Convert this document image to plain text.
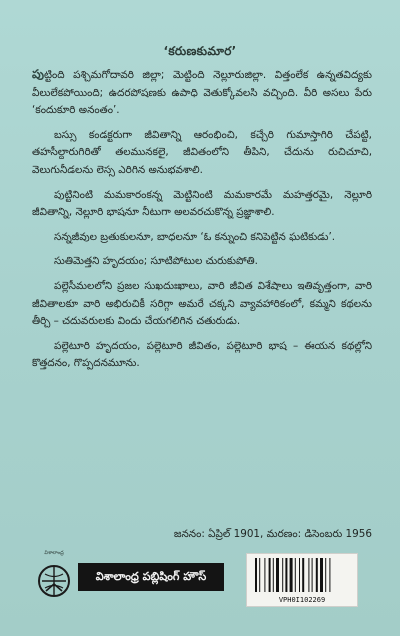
‘కరుణకుమార’

పుట్టింది పశ్చిమగోదావరి జిల్లా; మెట్టింది నెల్లూరుజిల్లా. విత్తంలేక ఉన్నతవిద్యకు వీలులేకపోయింది; ఉదరపోషణకు ఉపాధి వెతుక్కోవలసి వచ్చింది. వీరి అసలు పేరు ‘కందుకూరి అనంతం’.

బస్సు కండక్టరుగా జీవితాన్ని ఆరంభించి, కచ్చేరి గుమాస్తాగిరి చేపట్టి, తహసీల్దారుగిరితో తలమునకలై, జీవితంలోని తీపిని, చేదును రుచిచూచి, వెలుగునీడలను లెస్స ఎరిగిన అనుభవశాలి.

పుట్టినింటి మమకారంకన్న మెట్టినింటి మమకారమే మహత్తరమై, నెల్లూరి జీవితాన్ని, నెల్లూరి భాషనూ నీటుగా అలవరచుకొన్న ప్రజ్ఞాశాలి.

సన్నజీవుల బ్రతుకులనూ, బాధలనూ ‘ఓ కన్నుంచి కనిపెట్టిన ఘటికుడు’.

సుతిమెత్తని హృదయం; సూటిపోటుల చురుకుపోతి.

పల్లెసీమలలోని ప్రజల సుఖదుఃఖాలు, వారి జీవిత విశేషాలు ఇతివృత్తంగా, వారి జీవితాలకూ వారి అభిరుచికీ సరిగ్గా అమరే చక్కని వ్యావహారికంలో, కమ్మని కథలను తీర్చి – చదువరులకు విందు చేయగలిగిన చతురుడు.

పల్లెటూరి హృదయం, పల్లెటూరి జీవితం, పల్లెటూరి భాష – ఈయన కథల్లోని కొత్తదనం, గొప్పదనమూను.

జననం: ఏప్రిల్ 1901, మరణం: డిసెంబరు 1956
విశాలాంధ్ర
విశాలాంధ్ర పబ్లిషింగ్ హౌస్
VPH0I102269
